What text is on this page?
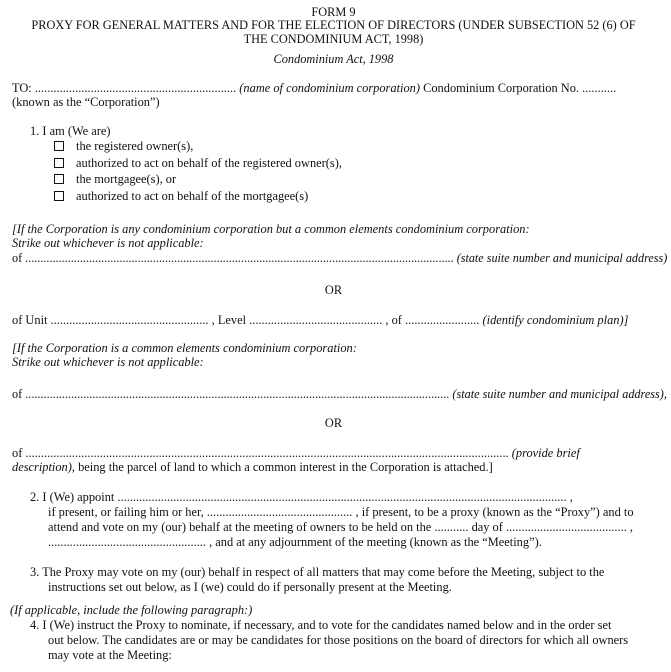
FORM 9
PROXY FOR GENERAL MATTERS AND FOR THE ELECTION OF DIRECTORS (UNDER SUBSECTION 52 (6) OF
THE CONDOMINIUM ACT, 1998)
Condominium Act, 1998
TO: ................................................................. (name of condominium corporation) Condominium Corporation No. ...........
(known as the “Corporation”)
1. I am (We are)
the registered owner(s),
authorized to act on behalf of the registered owner(s),
the mortgagee(s), or
authorized to act on behalf of the mortgagee(s)
[If the Corporation is any condominium corporation but a common elements condominium corporation:
Strike out whichever is not applicable:
of ............................................................................................................................................. (state suite number and municipal address)
OR
of Unit ................................................... , Level ........................................... , of ........................ (identify condominium plan)]
[If the Corporation is a common elements condominium corporation:
Strike out whichever is not applicable:
of ........................................................................................................................................... (state suite number and municipal address),
OR
of ............................................................................................................................................................ (provide brief
description), being the parcel of land to which a common interest in the Corporation is attached.]
2. I (We) appoint ................................................................................................................................................. ,
if present, or failing him or her, ............................................... , if present, to be a proxy (known as the “Proxy”) and to
attend and vote on my (our) behalf at the meeting of owners to be held on the ........... day of ....................................... ,
................................................... , and at any adjournment of the meeting (known as the “Meeting”).
3. The Proxy may vote on my (our) behalf in respect of all matters that may come before the Meeting, subject to the
instructions set out below, as I (we) could do if personally present at the Meeting.
(If applicable, include the following paragraph:)
4. I (We) instruct the Proxy to nominate, if necessary, and to vote for the candidates named below and in the order set
out below. The candidates are or may be candidates for those positions on the board of directors for which all owners
may vote at the Meeting:
